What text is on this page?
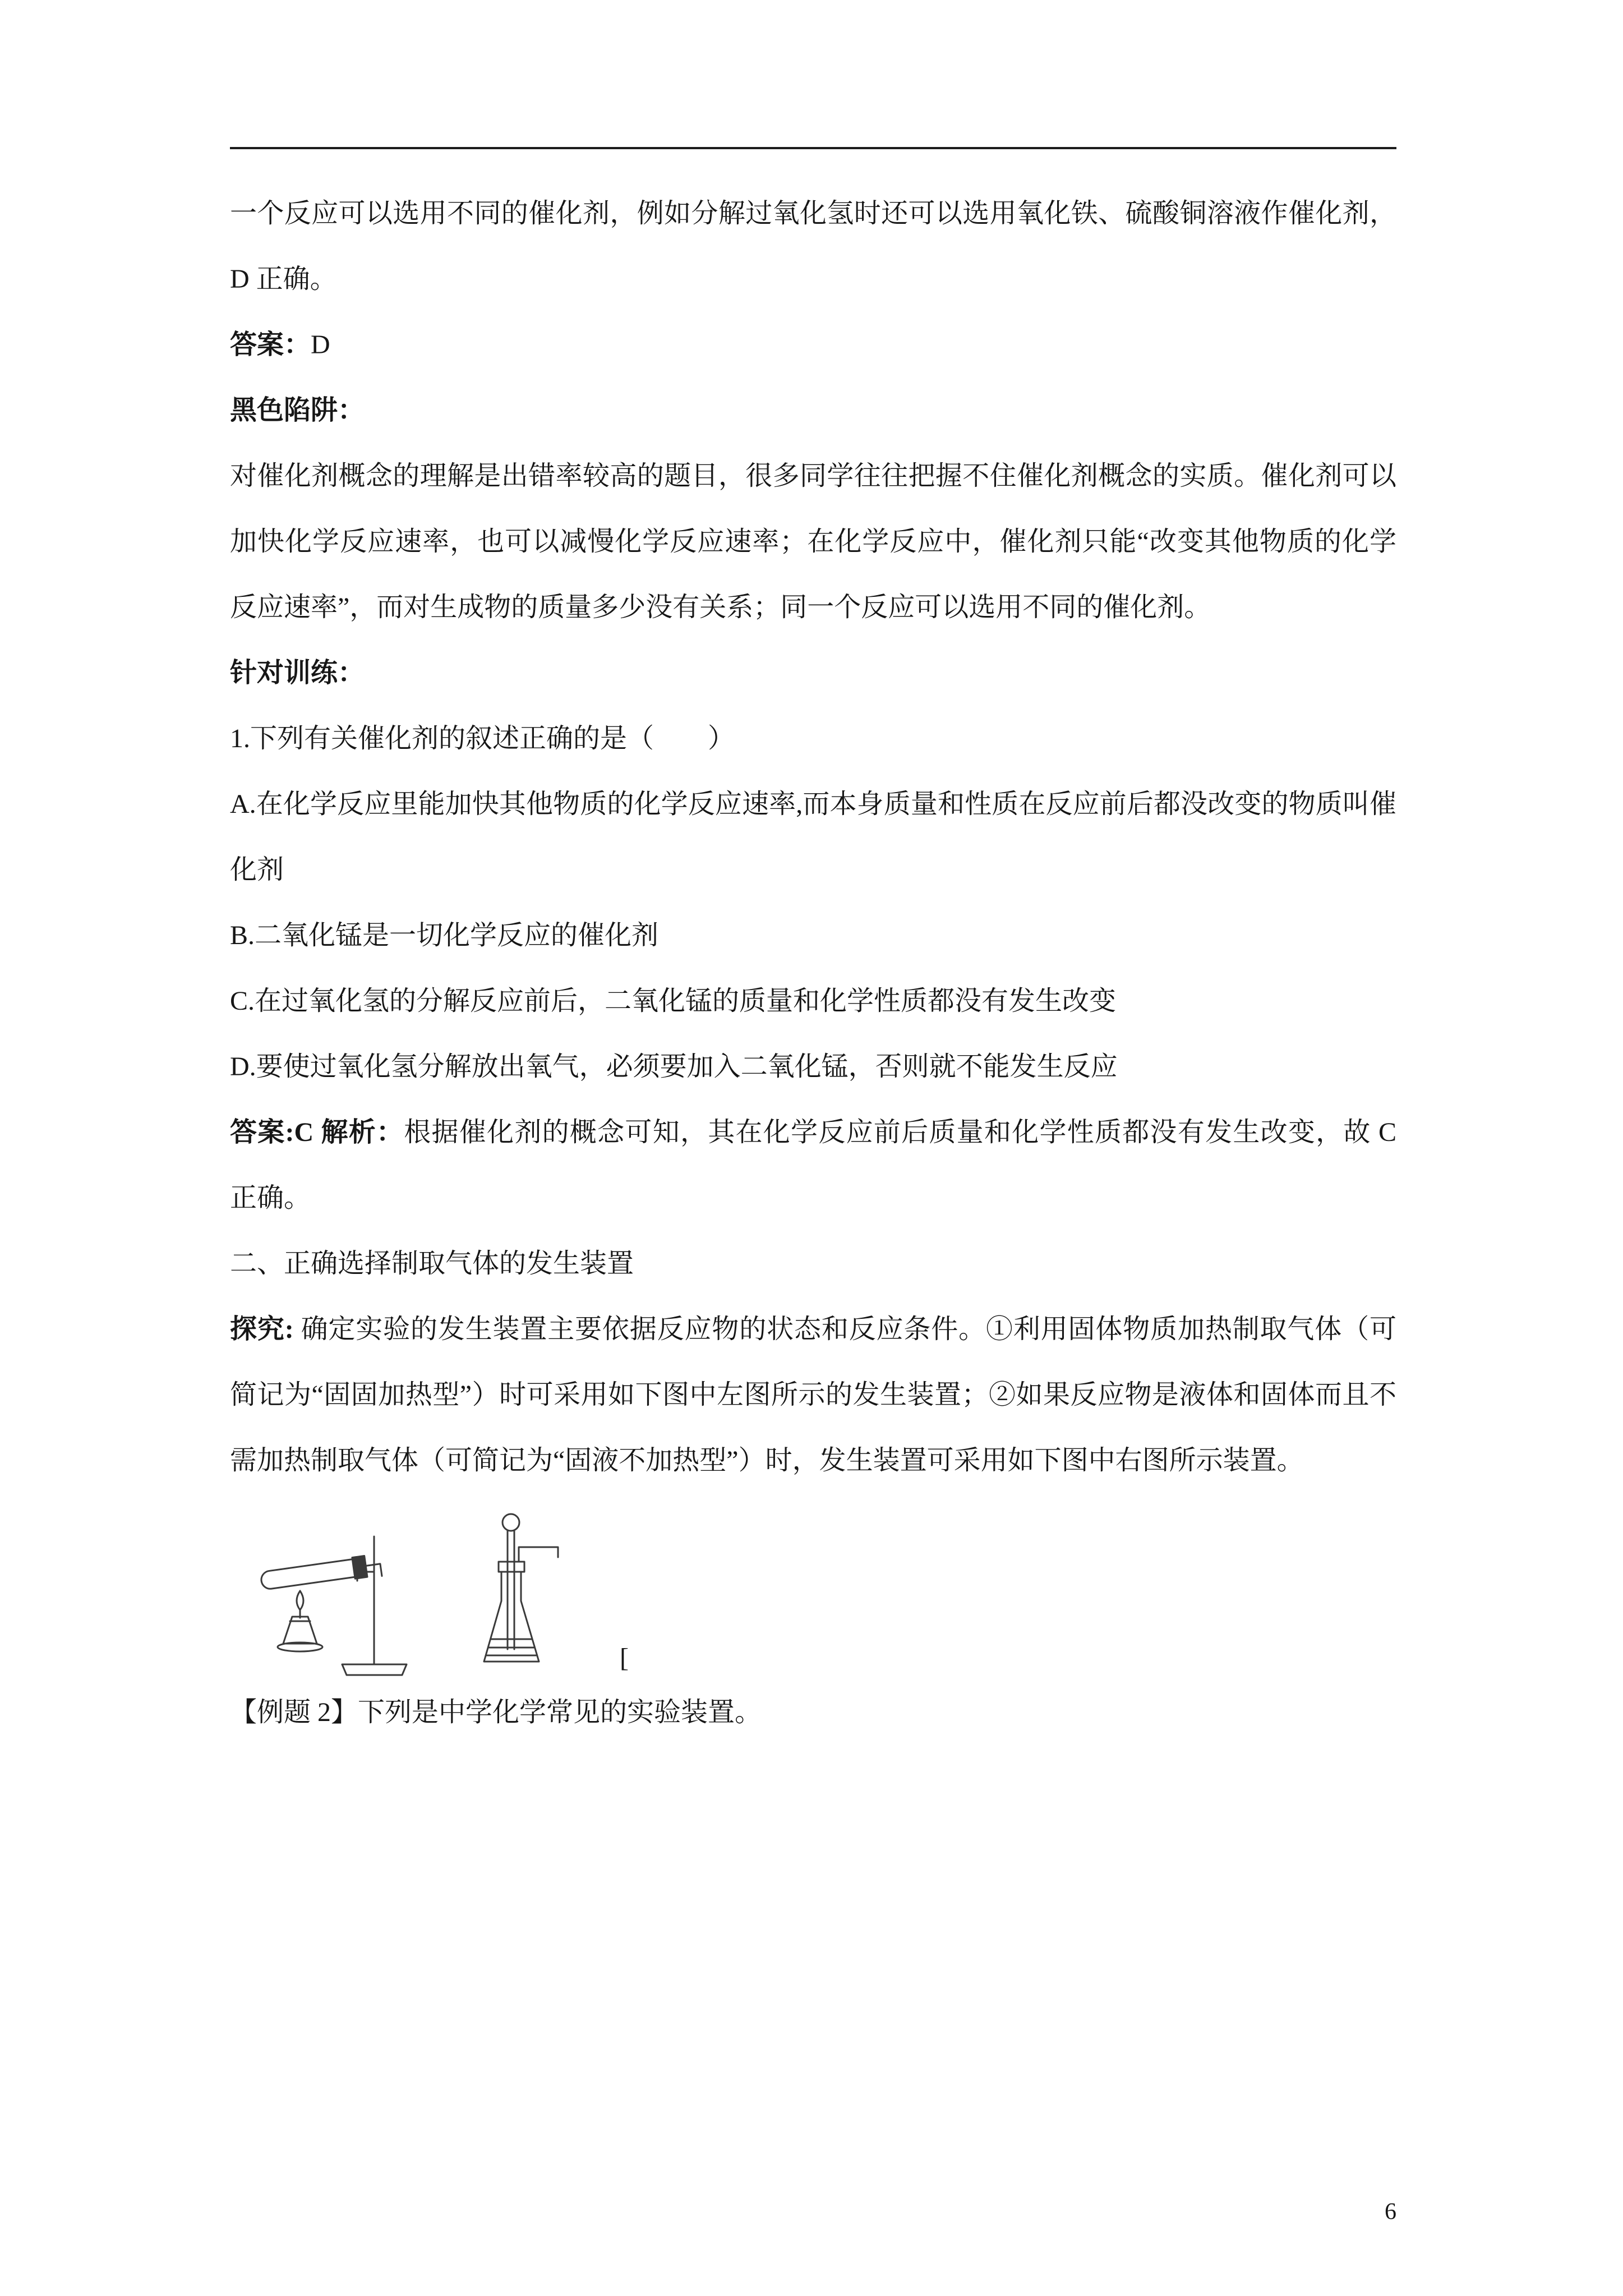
一个反应可以选用不同的催化剂，例如分解过氧化氢时还可以选用氧化铁、硫酸铜溶液作催化剂，D 正确。

答案：D

黑色陷阱：

对催化剂概念的理解是出错率较高的题目，很多同学往往把握不住催化剂概念的实质。催化剂可以加快化学反应速率，也可以减慢化学反应速率；在化学反应中，催化剂只能“改变其他物质的化学反应速率”，而对生成物的质量多少没有关系；同一个反应可以选用不同的催化剂。

针对训练：

1.下列有关催化剂的叙述正确的是（　　）

A.在化学反应里能加快其他物质的化学反应速率,而本身质量和性质在反应前后都没改变的物质叫催化剂

B.二氧化锰是一切化学反应的催化剂

C.在过氧化氢的分解反应前后，二氧化锰的质量和化学性质都没有发生改变

D.要使过氧化氢分解放出氧气，必须要加入二氧化锰，否则就不能发生反应

答案:C 解析：根据催化剂的概念可知，其在化学反应前后质量和化学性质都没有发生改变，故 C 正确。

二、正确选择制取气体的发生装置

探究: 确定实验的发生装置主要依据反应物的状态和反应条件。①利用固体物质加热制取气体（可简记为“固固加热型”）时可采用如下图中左图所示的发生装置；②如果反应物是液体和固体而且不需加热制取气体（可简记为“固液不加热型”）时，发生装置可采用如下图中右图所示装置。

[

【例题 2】下列是中学化学常见的实验装置。

6
